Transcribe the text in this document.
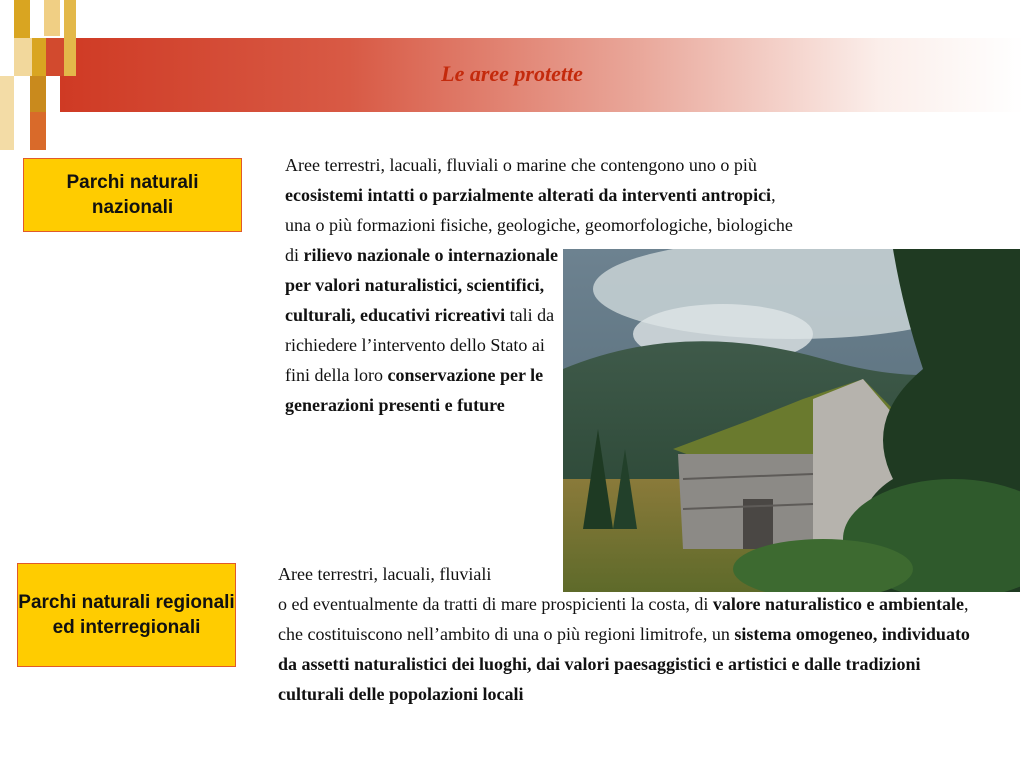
Le aree protette
Parchi naturali nazionali

Aree terrestri, lacuali, fluviali o marine che contengono uno o più
ecosistemi intatti o parzialmente alterati da interventi antropici,
una o più formazioni fisiche, geologiche, geomorfologiche, biologiche

di rilievo nazionale o internazionale per valori naturalistici, scientifici, culturali, educativi ricreativi tali da richiedere l’intervento dello Stato ai fini della loro conservazione per le generazioni presenti e future

Parchi naturali regionali ed interregionali

Aree terrestri, lacuali, fluviali

o ed eventualmente da tratti di mare prospicienti la costa, di valore naturalistico e ambientale, che costituiscono nell’ambito di una o più regioni limitrofe, un sistema omogeneo, individuato da assetti naturalistici dei luoghi, dai valori paesaggistici e artistici e dalle tradizioni culturali delle popolazioni locali
